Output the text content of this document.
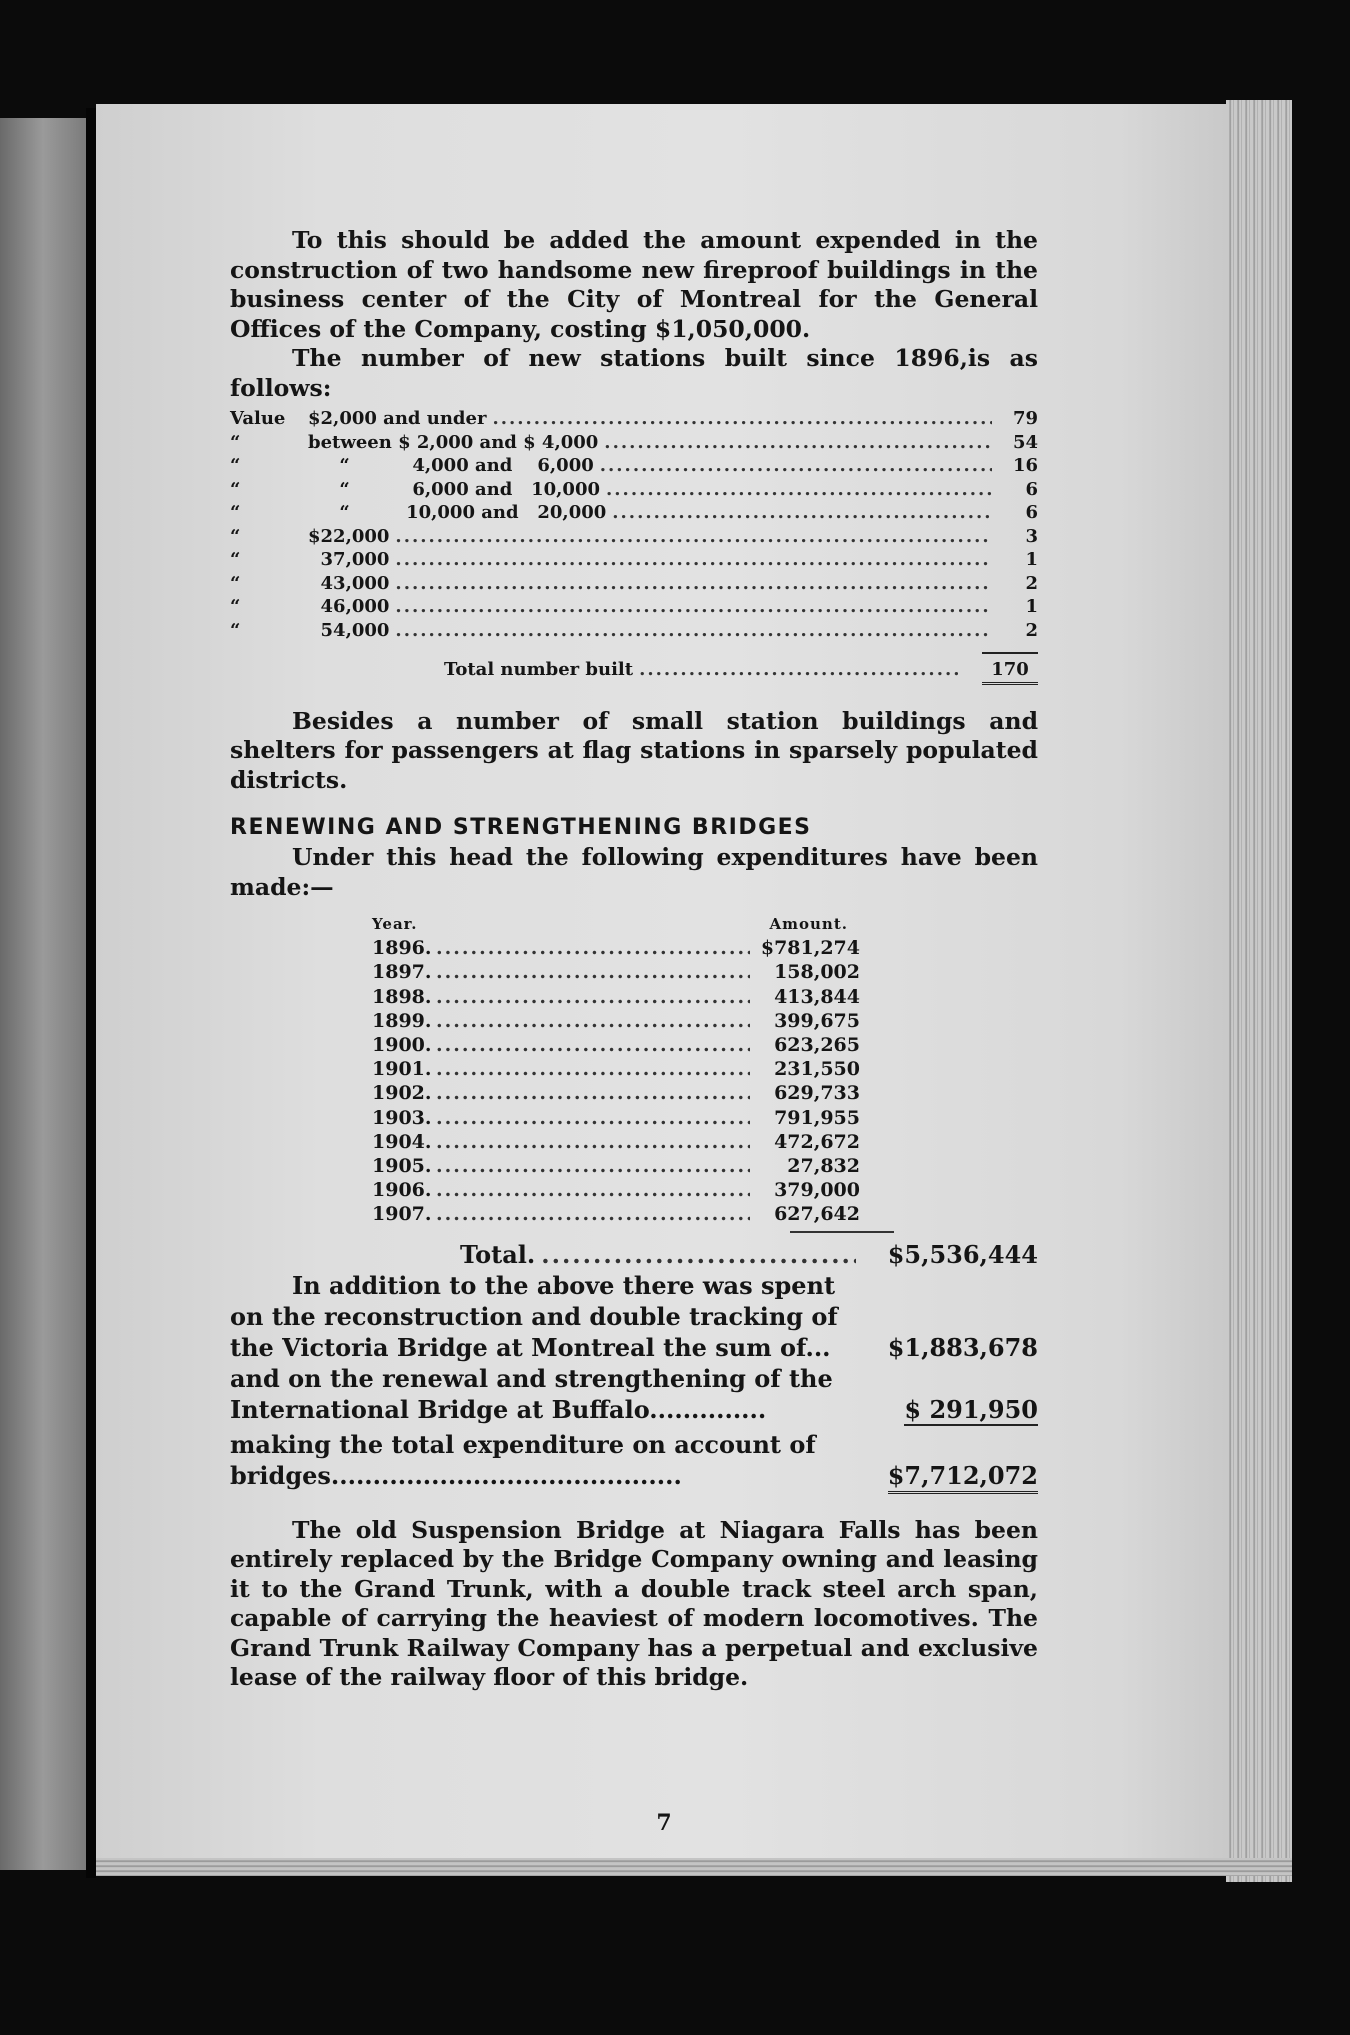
7

To this should be added the amount expended in the construction of two handsome new fireproof buildings in the business center of the City of Montreal for the General Offices of the Company, costing $1,050,000.

The number of new stations built since 1896,is as follows:

Value	$2,000 and under .....	79
“	between $ 2,000 and $ 4,000 .....	54
“	“          4,000 and    6,000 .....	16
“	“          6,000 and   10,000 .....	6
“	“         10,000 and   20,000 .....	6
“	$22,000 .....	3
“	37,000 .....	1
“	43,000 .....	2
“	46,000 .....	1
“	54,000 .....	2
Total number built .....	170

Besides a number of small station buildings and shelters for passengers at flag stations in sparsely populated districts.

RENEWING AND STRENGTHENING BRIDGES

Under this head the following expenditures have been made:—

Year.	Amount.
1896. .....	$781,274
1897. .....	158,002
1898. .....	413,844
1899. .....	399,675
1900. .....	623,265
1901. .....	231,550
1902. .....	629,733
1903. .....	791,955
1904. .....	472,672
1905. .....	27,832
1906. .....	379,000
1907. .....	627,642
Total. .....	$5,536,444
In addition to the above there was spent
on the reconstruction and double tracking of
the Victoria Bridge at Montreal the sum of...	$1,883,678
and on the renewal and strengthening of the
International Bridge at Buffalo..............	$ 291,950
making the total expenditure on account of
bridges..........................................	$7,712,072

The old Suspension Bridge at Niagara Falls has been entirely replaced by the Bridge Company owning and leasing it to the Grand Trunk, with a double track steel arch span, capable of carrying the heaviest of modern locomotives. The Grand Trunk Railway Company has a perpetual and exclusive lease of the railway floor of this bridge.
